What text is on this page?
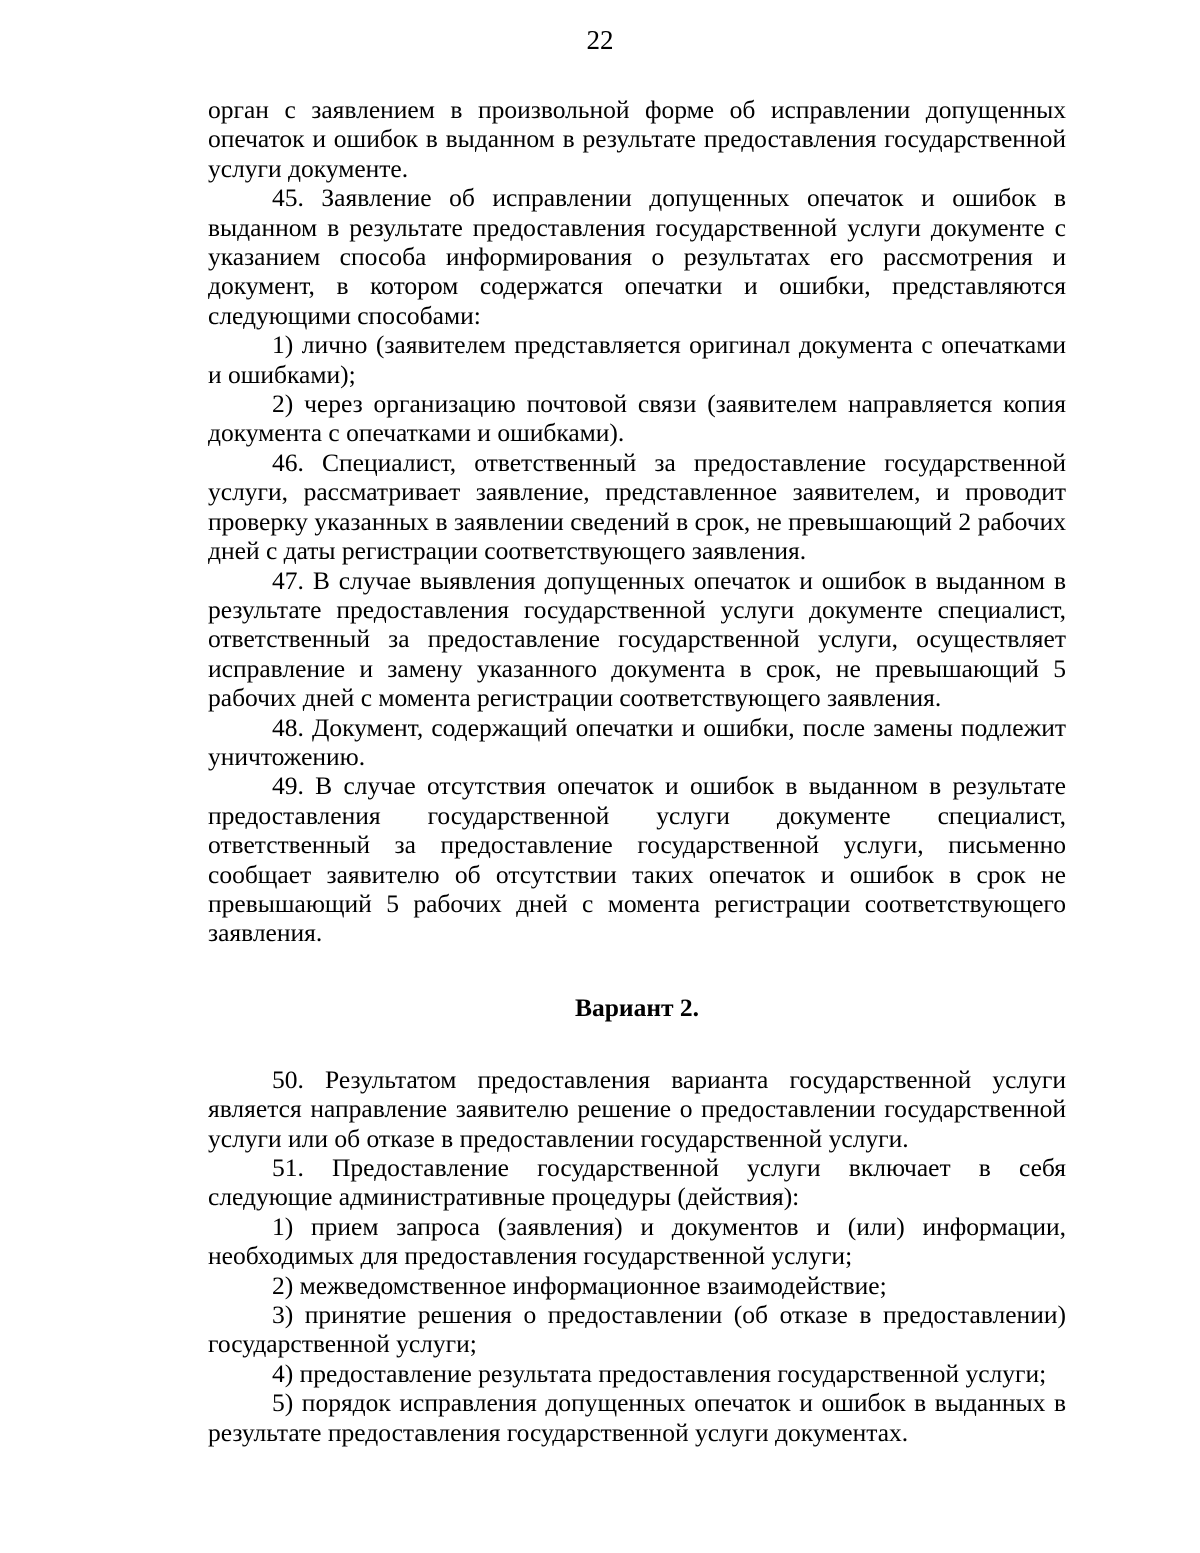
22

орган с заявлением в произвольной форме об исправлении допущенных опечаток и ошибок в выданном в результате предоставления государственной услуги документе.

45. Заявление об исправлении допущенных опечаток и ошибок в выданном в результате предоставления государственной услуги документе с указанием способа информирования о результатах его рассмотрения и документ, в котором содержатся опечатки и ошибки, представляются следующими способами:

1) лично (заявителем представляется оригинал документа с опечатками и ошибками);

2) через организацию почтовой связи (заявителем направляется копия документа с опечатками и ошибками).

46. Специалист, ответственный за предоставление государственной услуги, рассматривает заявление, представленное заявителем, и проводит проверку указанных в заявлении сведений в срок, не превышающий 2 рабочих дней с даты регистрации соответствующего заявления.

47. В случае выявления допущенных опечаток и ошибок в выданном в результате предоставления государственной услуги документе специалист, ответственный за предоставление государственной услуги, осуществляет исправление и замену указанного документа в срок, не превышающий 5 рабочих дней с момента регистрации соответствующего заявления.

48. Документ, содержащий опечатки и ошибки, после замены подлежит уничтожению.

49. В случае отсутствия опечаток и ошибок в выданном в результате предоставления государственной услуги документе специалист, ответственный за предоставление государственной услуги, письменно сообщает заявителю об отсутствии таких опечаток и ошибок в срок не превышающий 5 рабочих дней с момента регистрации соответствующего заявления.

Вариант 2.

50. Результатом предоставления варианта государственной услуги является направление заявителю решение о предоставлении государственной услуги или об отказе в предоставлении государственной услуги.

51. Предоставление государственной услуги включает в себя следующие административные процедуры (действия):

1) прием запроса (заявления) и документов и (или) информации, необходимых для предоставления государственной услуги;

2) межведомственное информационное взаимодействие;

3) принятие решения о предоставлении (об отказе в предоставлении) государственной услуги;

4) предоставление результата предоставления государственной услуги;

5) порядок исправления допущенных опечаток и ошибок в выданных в результате предоставления государственной услуги документах.
